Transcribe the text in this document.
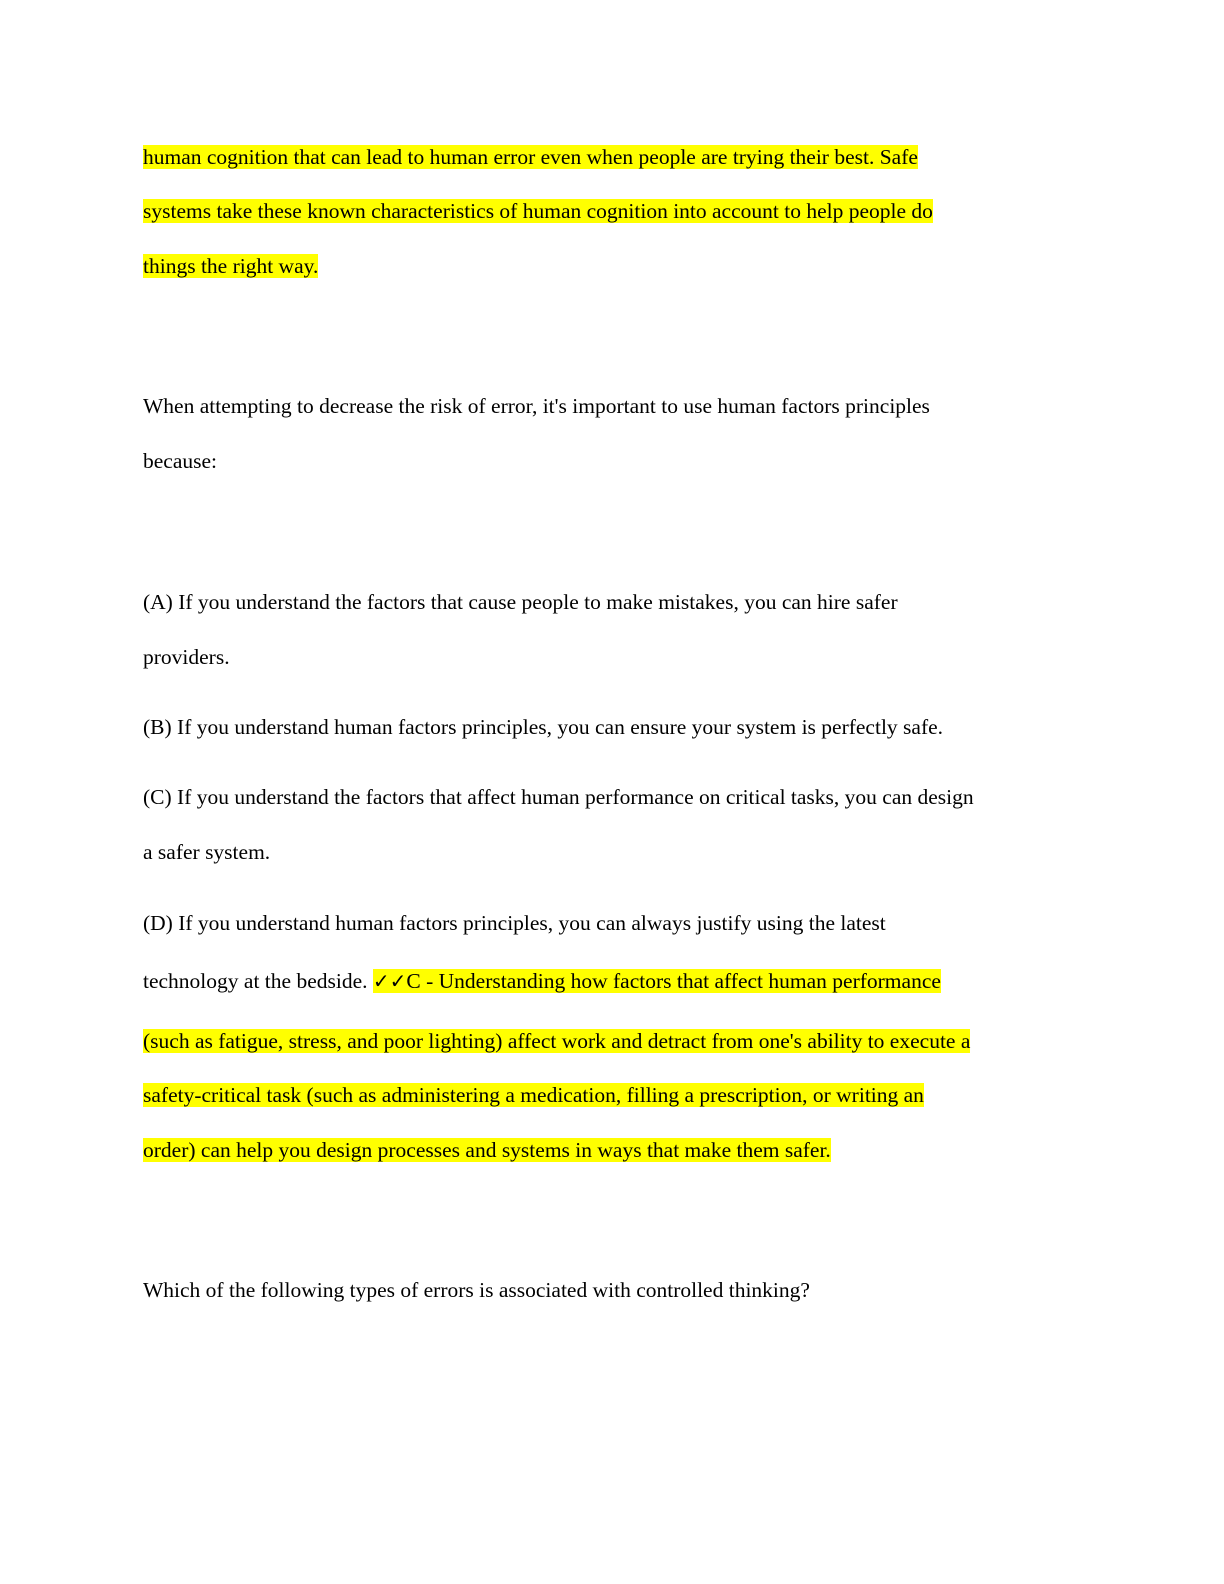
human cognition that can lead to human error even when people are trying their best. Safe
systems take these known characteristics of human cognition into account to help people do
things the right way.
When attempting to decrease the risk of error, it's important to use human factors principles
because:
(A) If you understand the factors that cause people to make mistakes, you can hire safer
providers.
(B) If you understand human factors principles, you can ensure your system is perfectly safe.
(C) If you understand the factors that affect human performance on critical tasks, you can design
a safer system.
(D) If you understand human factors principles, you can always justify using the latest
technology at the bedside. ✓✓C - Understanding how factors that affect human performance
(such as fatigue, stress, and poor lighting) affect work and detract from one's ability to execute a
safety-critical task (such as administering a medication, filling a prescription, or writing an
order) can help you design processes and systems in ways that make them safer.
Which of the following types of errors is associated with controlled thinking?
